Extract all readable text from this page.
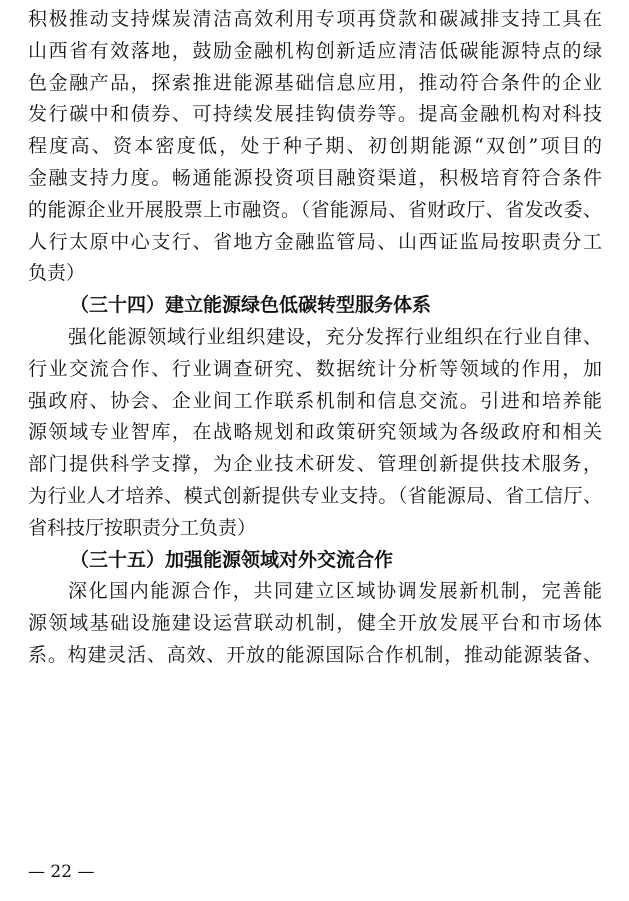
积极推动支持煤炭清洁高效利用专项再贷款和碳减排支持工具在
山西省有效落地，鼓励金融机构创新适应清洁低碳能源特点的绿
色金融产品，探索推进能源基础信息应用，推动符合条件的企业
发行碳中和债券、可持续发展挂钩债券等。提高金融机构对科技
程度高、资本密度低，处于种子期、初创期能源“双创”项目的
金融支持力度。畅通能源投资项目融资渠道，积极培育符合条件
的能源企业开展股票上市融资。（省能源局、省财政厅、省发改委、
人行太原中心支行、省地方金融监管局、山西证监局按职责分工
负责）
（三十四）建立能源绿色低碳转型服务体系
强化能源领域行业组织建设，充分发挥行业组织在行业自律、
行业交流合作、行业调查研究、数据统计分析等领域的作用，加
强政府、协会、企业间工作联系机制和信息交流。引进和培养能
源领域专业智库，在战略规划和政策研究领域为各级政府和相关
部门提供科学支撑，为企业技术研发、管理创新提供技术服务，
为行业人才培养、模式创新提供专业支持。（省能源局、省工信厅、
省科技厅按职责分工负责）
（三十五）加强能源领域对外交流合作
深化国内能源合作，共同建立区域协调发展新机制，完善能
源领域基础设施建设运营联动机制，健全开放发展平台和市场体
系。构建灵活、高效、开放的能源国际合作机制，推动能源装备、
— 22 —
